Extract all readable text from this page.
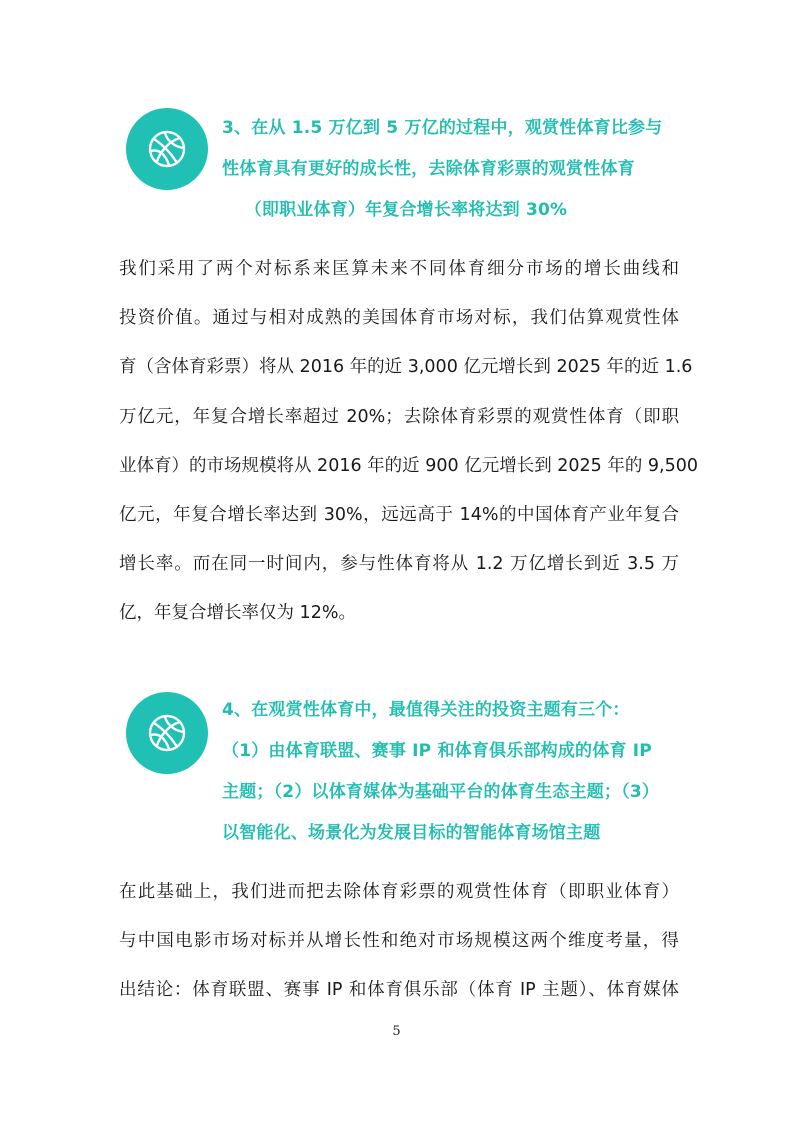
3、在从 1.5 万亿到 5 万亿的过程中，观赏性体育比参与
性体育具有更好的成长性，去除体育彩票的观赏性体育
（即职业体育）年复合增长率将达到 30%
我们采用了两个对标系来匡算未来不同体育细分市场的增长曲线和
投资价值。通过与相对成熟的美国体育市场对标，我们估算观赏性体
育（含体育彩票）将从 2016 年的近 3,000 亿元增长到 2025 年的近 1.6
万亿元，年复合增长率超过 20%；去除体育彩票的观赏性体育（即职
业体育）的市场规模将从 2016 年的近 900 亿元增长到 2025 年的 9,500
亿元，年复合增长率达到 30%，远远高于 14%的中国体育产业年复合
增长率。而在同一时间内，参与性体育将从 1.2 万亿增长到近 3.5 万
亿，年复合增长率仅为 12%。
4、在观赏性体育中，最值得关注的投资主题有三个：
（1）由体育联盟、赛事 IP 和体育俱乐部构成的体育 IP
主题；（2）以体育媒体为基础平台的体育生态主题；（3）
以智能化、场景化为发展目标的智能体育场馆主题
在此基础上，我们进而把去除体育彩票的观赏性体育（即职业体育）
与中国电影市场对标并从增长性和绝对市场规模这两个维度考量，得
出结论：体育联盟、赛事 IP 和体育俱乐部（体育 IP 主题）、体育媒体
5
